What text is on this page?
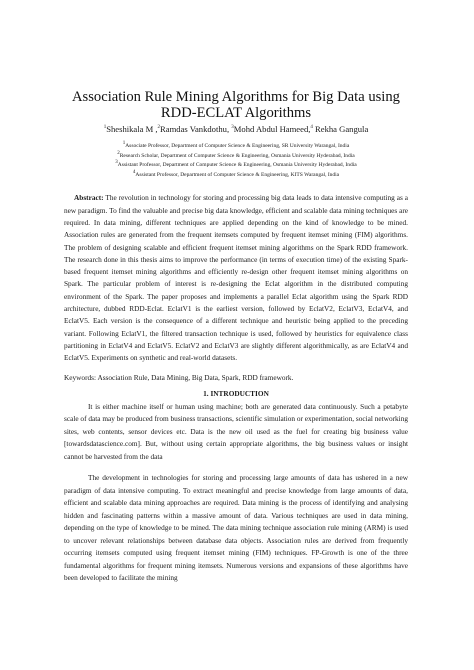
Association Rule Mining Algorithms for Big Data using RDD-ECLAT Algorithms
$^1$Sheshikala M ,$^2$Ramdas Vankdothu, $^3$Mohd Abdul Hameed,$^4$ Rekha Gangula
$^1$Associate Professor, Department of Computer Science & Engineering, SR University Warangal, India
$^2$Research Scholar, Department of Computer Science & Engineering, Osmania University Hyderabad, India
$^3$Assistant Professor, Department of Computer Science & Engineering, Osmania University Hyderabad, India
$^4$Assistant Professor, Department of Computer Science & Engineering, KITS Warangal, India

Abstract: The revolution in technology for storing and processing big data leads to data intensive computing as a new paradigm. To find the valuable and precise big data knowledge, efficient and scalable data mining techniques are required. In data mining, different techniques are applied depending on the kind of knowledge to be mined. Association rules are generated from the frequent itemsets computed by frequent itemset mining (FIM) algorithms. The problem of designing scalable and efficient frequent itemset mining algorithms on the Spark RDD framework. The research done in this thesis aims to improve the performance (in terms of execution time) of the existing Spark-based frequent itemset mining algorithms and efficiently re-design other frequent itemset mining algorithms on Spark. The particular problem of interest is re-designing the Eclat algorithm in the distributed computing environment of the Spark. The paper proposes and implements a parallel Eclat algorithm using the Spark RDD architecture, dubbed RDD-Eclat. EclatV1 is the earliest version, followed by EclatV2, EclatV3, EclatV4, and EclatV5. Each version is the consequence of a different technique and heuristic being applied to the preceding variant. Following EclatV1, the filtered transaction technique is used, followed by heuristics for equivalence class partitioning in EclatV4 and EclatV5. EclatV2 and EclatV3 are slightly different algorithmically, as are EclatV4 and EclatV5. Experiments on synthetic and real-world datasets.

Keywords: Association Rule, Data Mining, Big Data, Spark, RDD framework.
1. INTRODUCTION

It is either machine itself or human using machine; both are generated data continuously. Such a petabyte scale of data may be produced from business transactions, scientific simulation or experimentation, social networking sites, web contents, sensor devices etc. Data is the new oil used as the fuel for creating big business value [towardsdatascience.com]. But, without using certain appropriate algorithms, the big business values or insight cannot be harvested from the data

The development in technologies for storing and processing large amounts of data has ushered in a new paradigm of data intensive computing. To extract meaningful and precise knowledge from large amounts of data, efficient and scalable data mining approaches are required. Data mining is the process of identifying and analysing hidden and fascinating patterns within a massive amount of data. Various techniques are used in data mining, depending on the type of knowledge to be mined. The data mining technique association rule mining (ARM) is used to uncover relevant relationships between database data objects. Association rules are derived from frequently occurring itemsets computed using frequent itemset mining (FIM) techniques. FP-Growth is one of the three fundamental algorithms for frequent mining itemsets. Numerous versions and expansions of these algorithms have been developed to facilitate the mining
